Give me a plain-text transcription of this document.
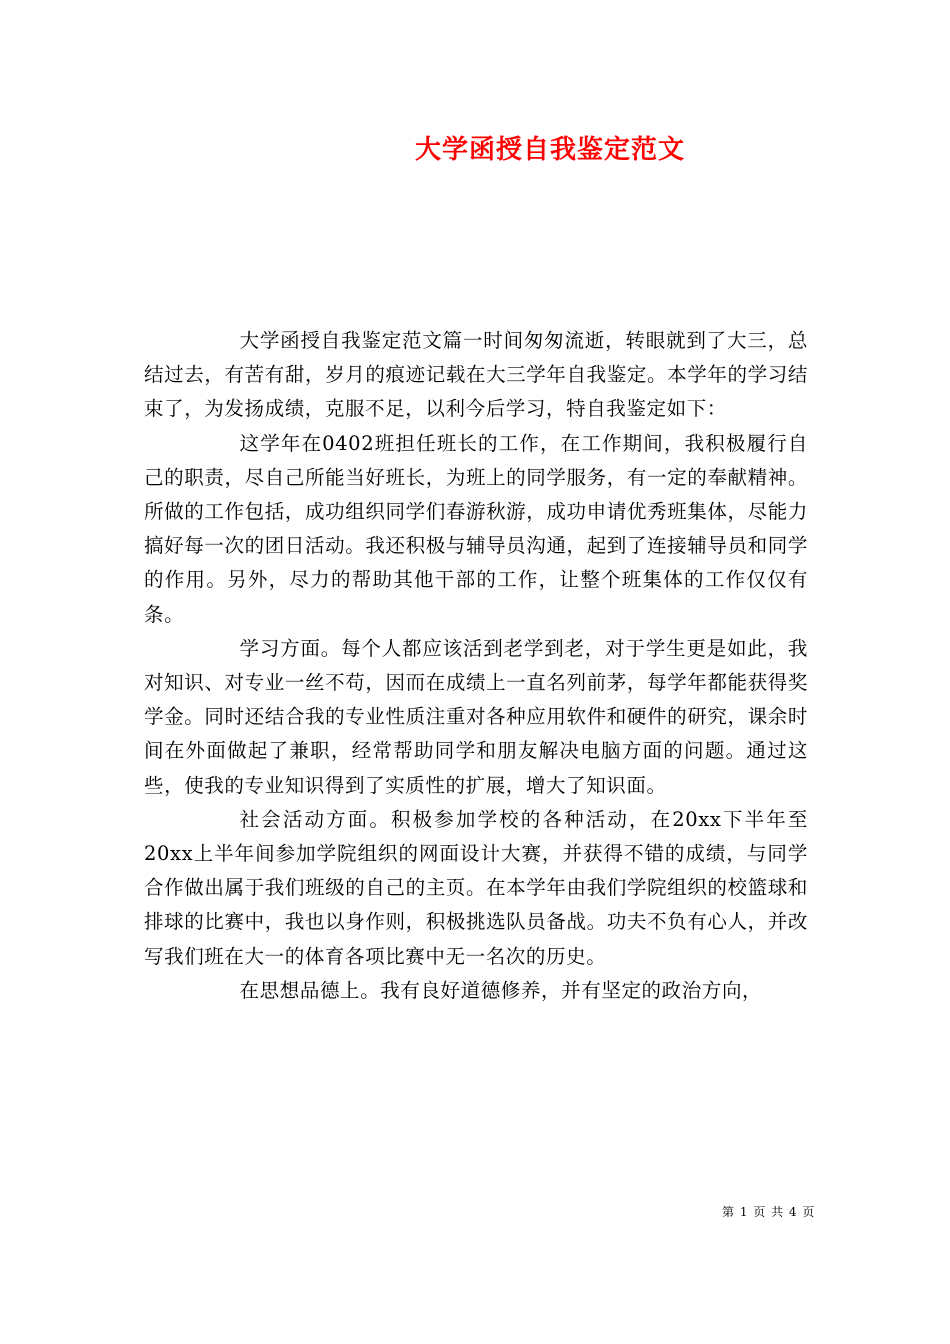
大学函授自我鉴定范文

大学函授自我鉴定范文篇一时间匆匆流逝，转眼就到了大三，总结过去，有苦有甜，岁月的痕迹记载在大三学年自我鉴定。本学年的学习结束了，为发扬成绩，克服不足，以利今后学习，特自我鉴定如下：

这学年在0402班担任班长的工作，在工作期间，我积极履行自己的职责，尽自己所能当好班长，为班上的同学服务，有一定的奉献精神。所做的工作包括，成功组织同学们春游秋游，成功申请优秀班集体，尽能力搞好每一次的团日活动。我还积极与辅导员沟通，起到了连接辅导员和同学的作用。另外，尽力的帮助其他干部的工作，让整个班集体的工作仅仅有条。

学习方面。每个人都应该活到老学到老，对于学生更是如此，我对知识、对专业一丝不苟，因而在成绩上一直名列前茅，每学年都能获得奖学金。同时还结合我的专业性质注重对各种应用软件和硬件的研究，课余时间在外面做起了兼职，经常帮助同学和朋友解决电脑方面的问题。通过这些，使我的专业知识得到了实质性的扩展，增大了知识面。

社会活动方面。积极参加学校的各种活动，在20xx下半年至20xx上半年间参加学院组织的网面设计大赛，并获得不错的成绩，与同学合作做出属于我们班级的自己的主页。在本学年由我们学院组织的校篮球和排球的比赛中，我也以身作则，积极挑选队员备战。功夫不负有心人，并改写我们班在大一的体育各项比赛中无一名次的历史。

在思想品德上。我有良好道德修养，并有坚定的政治方向，

第 1 页 共 4 页
